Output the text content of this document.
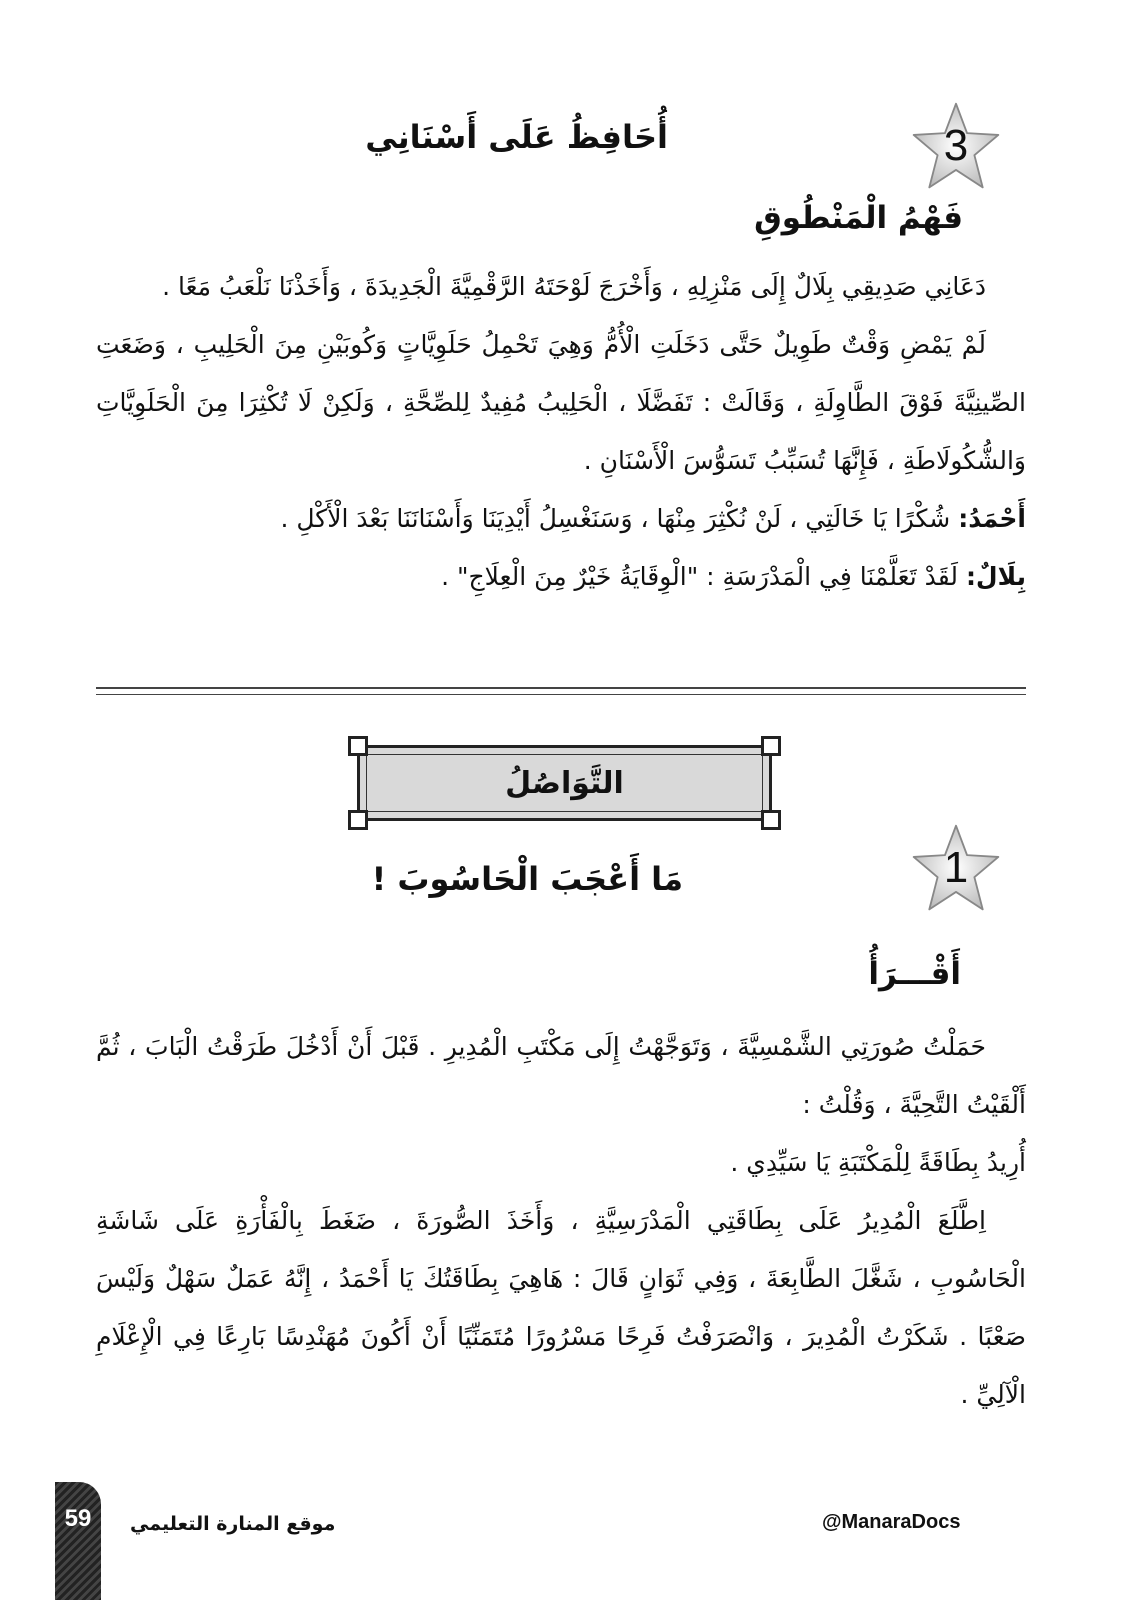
3
أُحَافِظُ عَلَى أَسْنَانِي
فَهْمُ الْمَنْطُوقِ

دَعَانِي صَدِيقِي بِلَالٌ إِلَى مَنْزِلِهِ ، وَأَخْرَجَ لَوْحَتَهُ الرَّقْمِيَّةَ الْجَدِيدَةَ ، وَأَخَذْنَا نَلْعَبُ مَعًا .

لَمْ يَمْضِ وَقْتٌ طَوِيلٌ حَتَّى دَخَلَتِ الْأُمُّ وَهِيَ تَحْمِلُ حَلَوِيَّاتٍ وَكُوبَيْنِ مِنَ الْحَلِيبِ ، وَضَعَتِ الصِّينِيَّةَ فَوْقَ الطَّاوِلَةِ ، وَقَالَتْ : تَفَضَّلَا ، الْحَلِيبُ مُفِيدٌ لِلصِّحَّةِ ، وَلَكِنْ لَا تُكْثِرَا مِنَ الْحَلَوِيَّاتِ وَالشُّكُولَاطَةِ ، فَإِنَّهَا تُسَبِّبُ تَسَوُّسَ الْأَسْنَانِ .

أَحْمَدُ: شُكْرًا يَا خَالَتِي ، لَنْ نُكْثِرَ مِنْهَا ، وَسَنَغْسِلُ أَيْدِيَنَا وَأَسْنَانَنَا بَعْدَ الْأَكْلِ .

بِلَالٌ: لَقَدْ تَعَلَّمْنَا فِي الْمَدْرَسَةِ : "الْوِقَايَةُ خَيْرٌ مِنَ الْعِلَاجِ" .

التَّوَاصُلُ
1
مَا أَعْجَبَ الْحَاسُوبَ !
أَقْـــرَأُ

حَمَلْتُ صُورَتِي الشَّمْسِيَّةَ ، وَتَوَجَّهْتُ إِلَى مَكْتَبِ الْمُدِيرِ . قَبْلَ أَنْ أَدْخُلَ طَرَقْتُ الْبَابَ ، ثُمَّ أَلْقَيْتُ التَّحِيَّةَ ، وَقُلْتُ :

أُرِيدُ بِطَاقَةً لِلْمَكْتَبَةِ يَا سَيِّدِي .

اِطَّلَعَ الْمُدِيرُ عَلَى بِطَاقَتِي الْمَدْرَسِيَّةِ ، وَأَخَذَ الصُّورَةَ ، ضَغَطَ بِالْفَأْرَةِ عَلَى شَاشَةِ الْحَاسُوبِ ، شَغَّلَ الطَّابِعَةَ ، وَفِي ثَوَانٍ قَالَ : هَاهِيَ بِطَاقَتُكَ يَا أَحْمَدُ ، إِنَّهُ عَمَلٌ سَهْلٌ وَلَيْسَ صَعْبًا . شَكَرْتُ الْمُدِيرَ ، وَانْصَرَفْتُ فَرِحًا مَسْرُورًا مُتَمَنِّيًا أَنْ أَكُونَ مُهَنْدِسًا بَارِعًا فِي الْإِعْلَامِ الْآلِيِّ .

59	موقع المنارة التعليمي	@ManaraDocs
